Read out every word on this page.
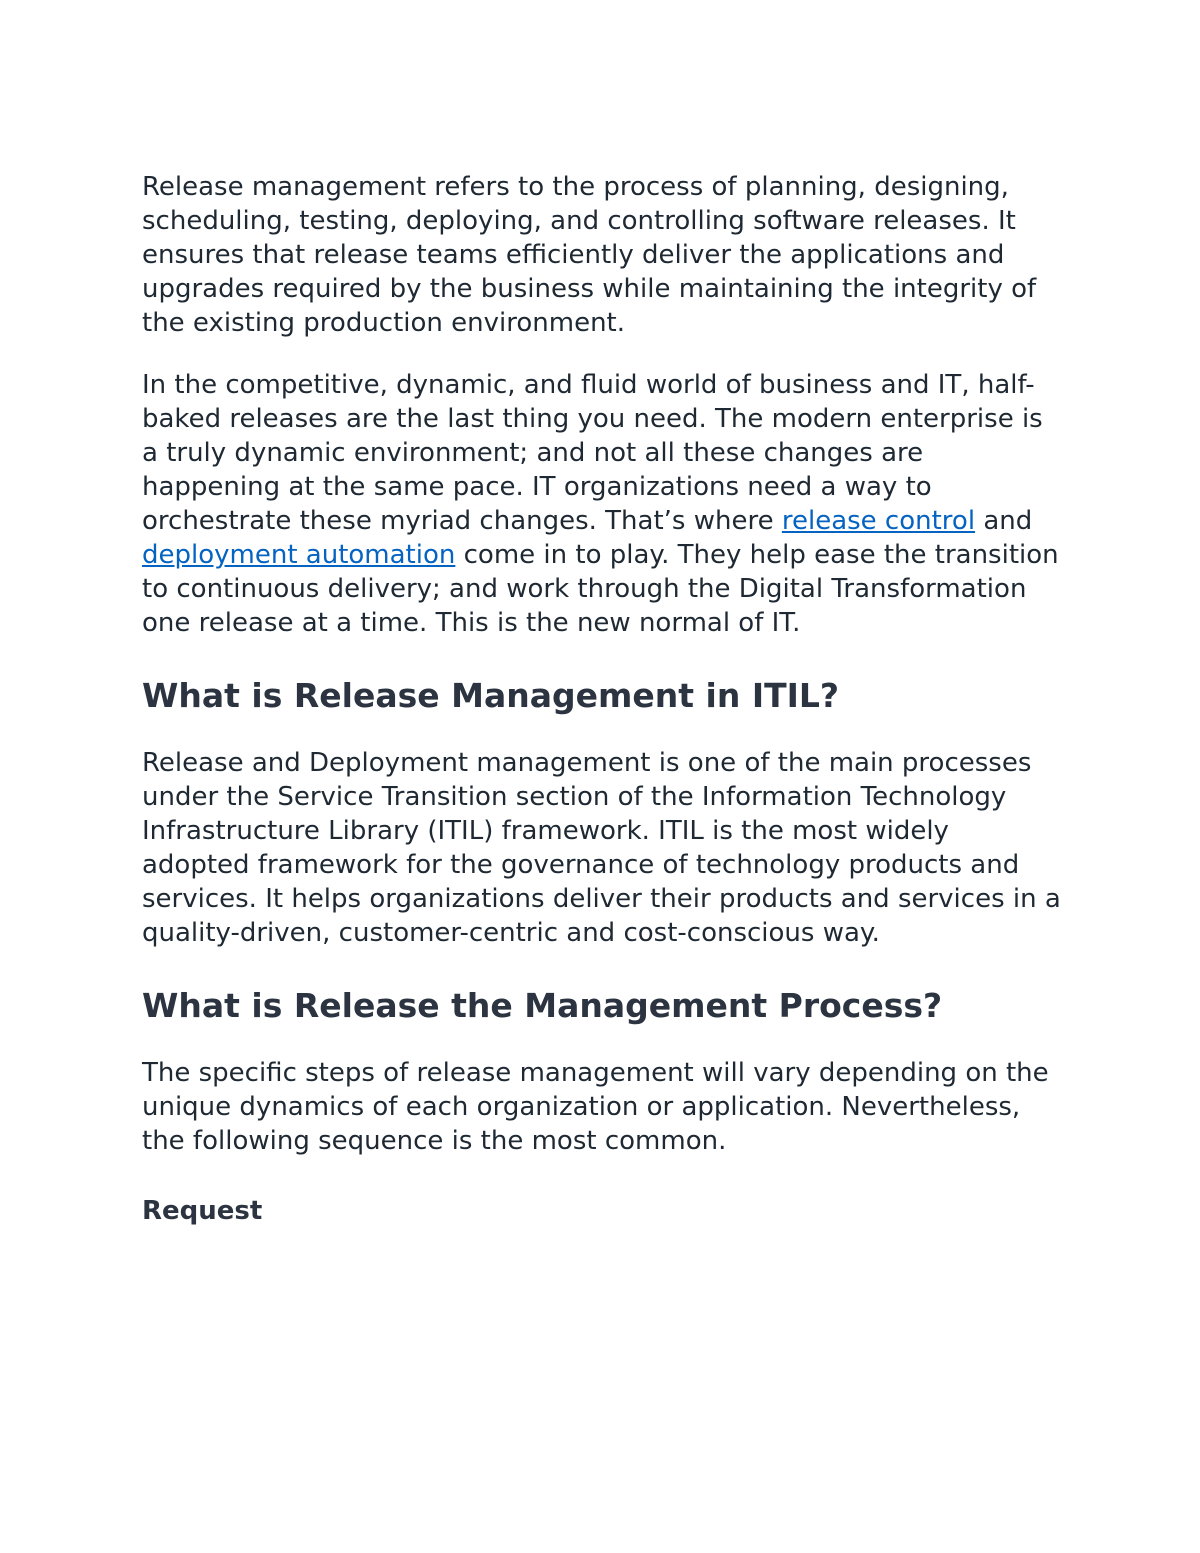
Release management refers to the process of planning, designing, scheduling, testing, deploying, and controlling software releases. It ensures that release teams efficiently deliver the applications and upgrades required by the business while maintaining the integrity of the existing production environment.

In the competitive, dynamic, and fluid world of business and IT, half-baked releases are the last thing you need. The modern enterprise is a truly dynamic environment; and not all these changes are happening at the same pace. IT organizations need a way to orchestrate these myriad changes. That’s where release control and deployment automation come in to play. They help ease the transition to continuous delivery; and work through the Digital Transformation one release at a time. This is the new normal of IT.

What is Release Management in ITIL?

Release and Deployment management is one of the main processes under the Service Transition section of the Information Technology Infrastructure Library (ITIL) framework. ITIL is the most widely adopted framework for the governance of technology products and services. It helps organizations deliver their products and services in a quality-driven, customer-centric and cost-conscious way.

What is Release the Management Process?

The specific steps of release management will vary depending on the unique dynamics of each organization or application. Nevertheless, the following sequence is the most common.

Request
